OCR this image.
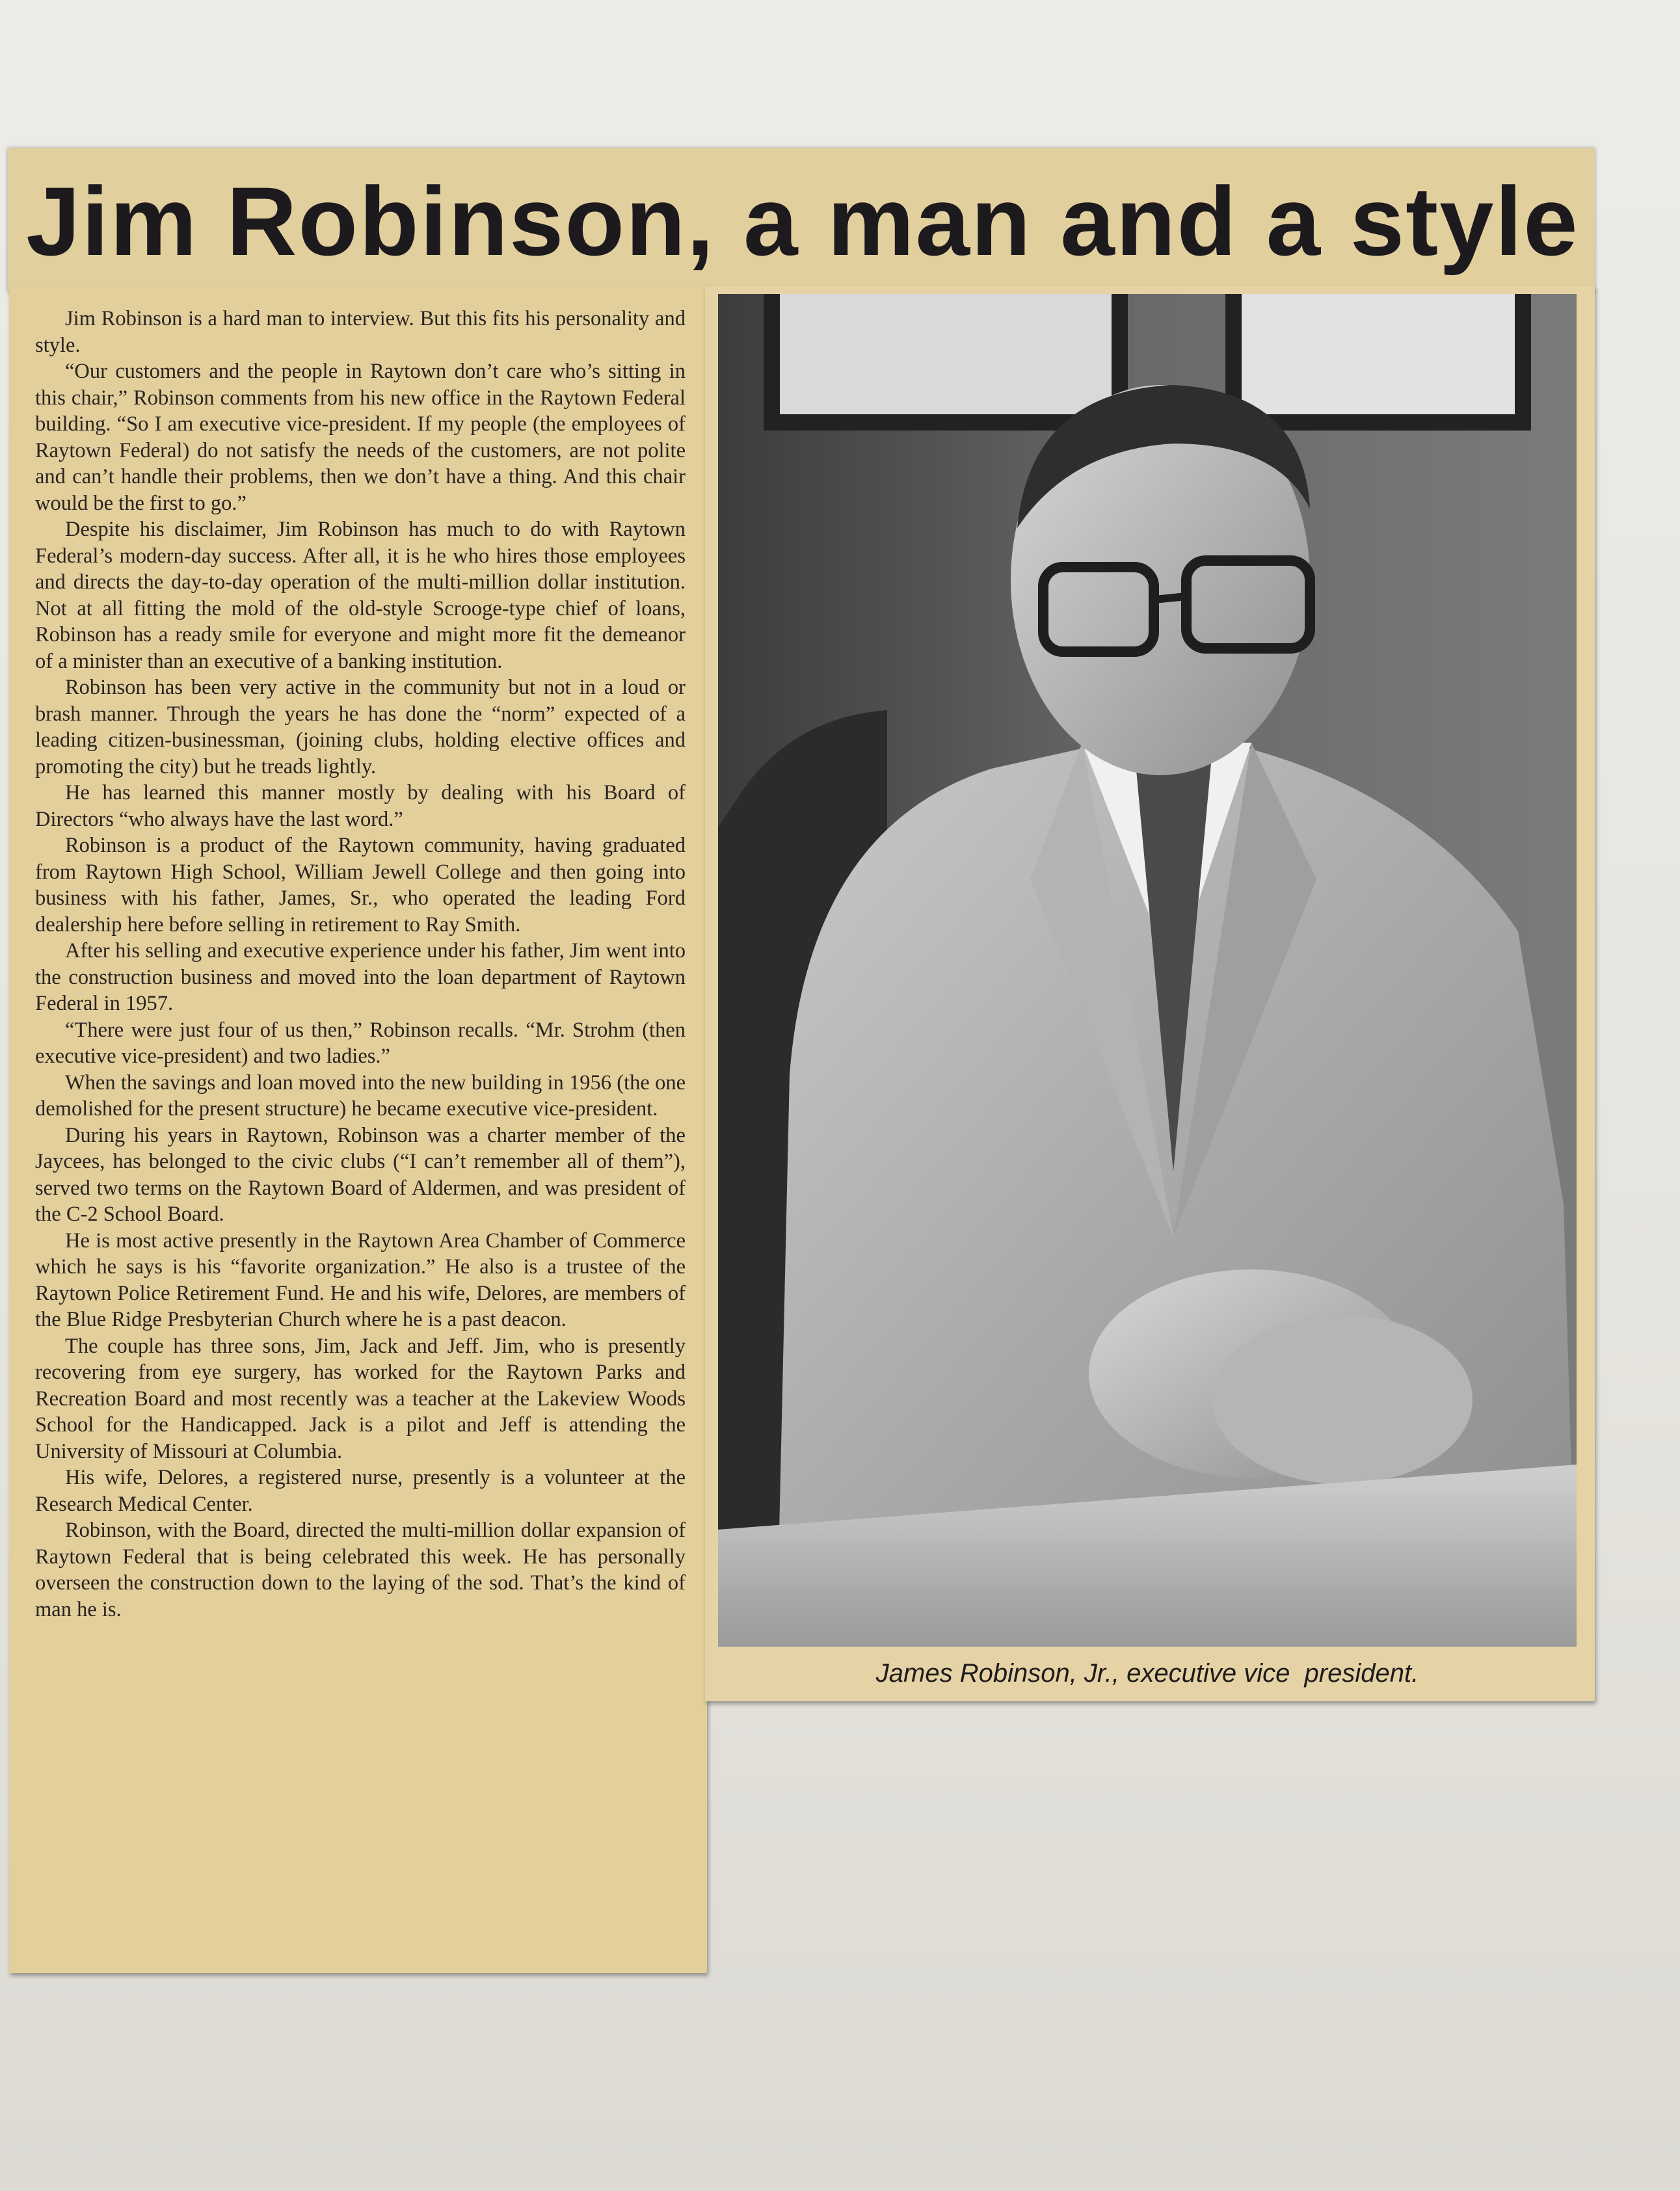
Jim Robinson, a man and a style

Jim Robinson is a hard man to interview. But this fits his personality and style.

“Our customers and the people in Raytown don’t care who’s sitting in this chair,” Robinson comments from his new office in the Raytown Federal building. “So I am executive vice-president. If my people (the employees of Raytown Federal) do not satisfy the needs of the customers, are not polite and can’t handle their problems, then we don’t have a thing. And this chair would be the first to go.”

Despite his disclaimer, Jim Robinson has much to do with Raytown Federal’s modern-day success. After all, it is he who hires those employees and directs the day-to-day operation of the multi-million dollar institution. Not at all fitting the mold of the old-style Scrooge-type chief of loans, Robinson has a ready smile for everyone and might more fit the demeanor of a minister than an executive of a banking institution.

Robinson has been very active in the community but not in a loud or brash manner. Through the years he has done the “norm” expected of a leading citizen-businessman, (joining clubs, holding elective offices and promoting the city) but he treads lightly.

He has learned this manner mostly by dealing with his Board of Directors “who always have the last word.”

Robinson is a product of the Raytown community, having graduated from Raytown High School, William Jewell College and then going into business with his father, James, Sr., who operated the leading Ford dealership here before selling in retirement to Ray Smith.

After his selling and executive experience under his father, Jim went into the construction business and moved into the loan department of Raytown Federal in 1957.

“There were just four of us then,” Robinson recalls. “Mr. Strohm (then executive vice-president) and two ladies.”

When the savings and loan moved into the new building in 1956 (the one demolished for the present structure) he became executive vice-president.

During his years in Raytown, Robinson was a charter member of the Jaycees, has belonged to the civic clubs (“I can’t remember all of them”), served two terms on the Raytown Board of Aldermen, and was president of the C-2 School Board.

He is most active presently in the Raytown Area Chamber of Commerce which he says is his “favorite organization.” He also is a trustee of the Raytown Police Retirement Fund. He and his wife, Delores, are members of the Blue Ridge Presbyterian Church where he is a past deacon.

The couple has three sons, Jim, Jack and Jeff. Jim, who is presently recovering from eye surgery, has worked for the Raytown Parks and Recreation Board and most recently was a teacher at the Lakeview Woods School for the Handicapped. Jack is a pilot and Jeff is attending the University of Missouri at Columbia.

His wife, Delores, a registered nurse, presently is a volunteer at the Research Medical Center.

Robinson, with the Board, directed the multi-million dollar expansion of Raytown Federal that is being celebrated this week. He has personally overseen the construction down to the laying of the sod. That’s the kind of man he is.

James Robinson, Jr., executive vice  president.
